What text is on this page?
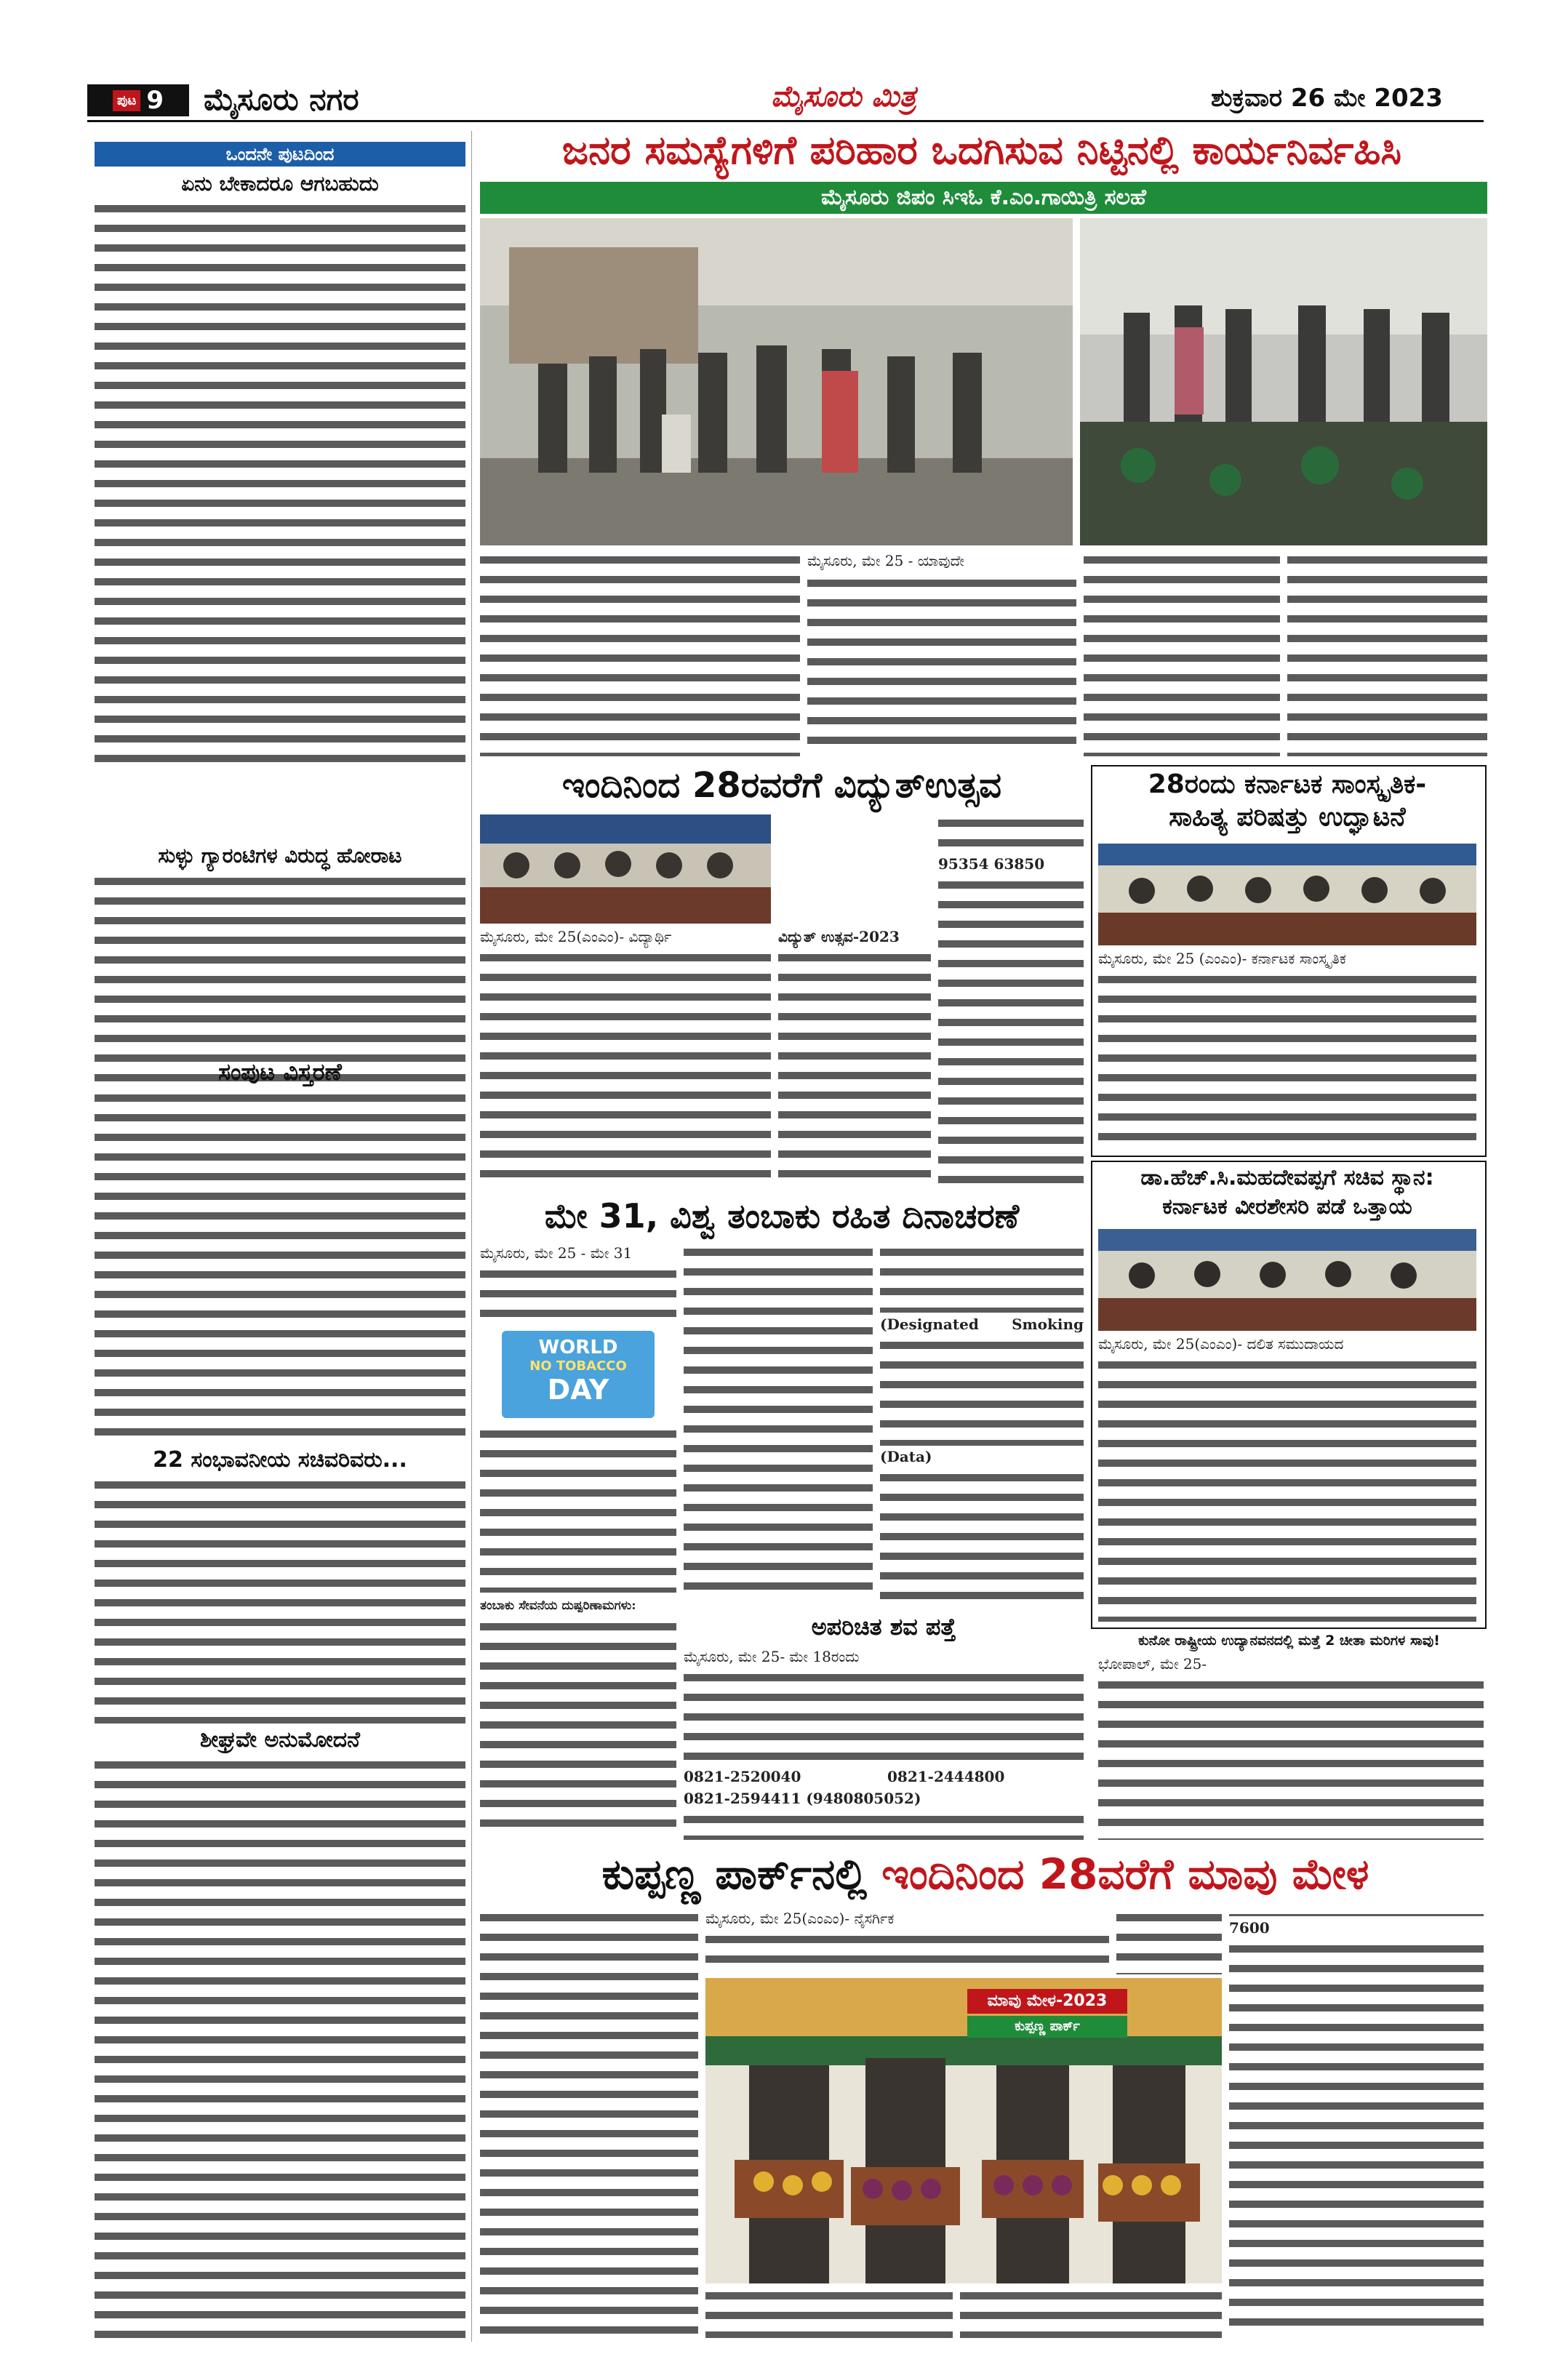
ಪುಟ 9 ಮೈಸೂರು ನಗರ	ಮೈಸೂರು ಮಿತ್ರ	ಶುಕ್ರವಾರ 26 ಮೇ 2023
ಒಂದನೇ ಪುಟದಿಂದ
ಏನು ಬೇಕಾದರೂ ಆಗಬಹುದು
ಸುಳ್ಳು ಗ್ಯಾರಂಟಿಗಳ ವಿರುದ್ಧ ಹೋರಾಟ
ಸಂಪುಟ ವಿಸ್ತರಣೆ
22 ಸಂಭಾವನೀಯ ಸಚಿವರಿವರು...
ಶೀಘ್ರವೇ ಅನುಮೋದನೆ
ಜನರ ಸಮಸ್ಯೆಗಳಿಗೆ ಪರಿಹಾರ ಒದಗಿಸುವ ನಿಟ್ಟಿನಲ್ಲಿ ಕಾರ್ಯನಿರ್ವಹಿಸಿ
ಮೈಸೂರು ಜಿಪಂ ಸಿಇಓ ಕೆ.ಎಂ.ಗಾಯಿತ್ರಿ ಸಲಹೆ
ಮೈಸೂರು, ಮೇ 25 - ಯಾವುದೇ
ಇಂದಿನಿಂದ 28ರವರೆಗೆ ವಿದ್ಯುತ್‌ಉತ್ಸವ
ಮೈಸೂರು, ಮೇ 25(ಎಂಎಂ)- ವಿದ್ಯಾರ್ಥಿ	ವಿದ್ಯುತ್‌ ಉತ್ಸವ-2023
95354 63850
28ರಂದು ಕರ್ನಾಟಕ ಸಾಂಸ್ಕೃತಿಕ-
ಸಾಹಿತ್ಯ ಪರಿಷತ್ತು ಉದ್ಘಾಟನೆ
ಮೈಸೂರು, ಮೇ 25 (ಎಂಎಂ)- ಕರ್ನಾಟಕ ಸಾಂಸ್ಕೃತಿಕ
ಮೇ 31, ವಿಶ್ವ ತಂಬಾಕು ರಹಿತ ದಿನಾಚರಣೆ
ಮೈಸೂರು, ಮೇ 25 - ಮೇ 31
WORLD
NO TOBACCO
DAY
ತಂಬಾಕು ಸೇವನೆಯ ದುಷ್ಪರಿಣಾಮಗಳು:
(Designated Smoking
(Data)
ಅಪರಿಚಿತ ಶವ ಪತ್ತೆ
ಮೈಸೂರು, ಮೇ 25- ಮೇ 18ರಂದು
0821-2520040	0821-2444800
0821-2594411 (9480805052)
ಡಾ.ಹೆಚ್.ಸಿ.ಮಹದೇವಪ್ಪಗೆ ಸಚಿವ ಸ್ಥಾನ:
ಕರ್ನಾಟಕ ವೀರಶೇಸರಿ ಪಡೆ ಒತ್ತಾಯ
ಮೈಸೂರು, ಮೇ 25(ಎಂಎಂ)- ದಲಿತ ಸಮುದಾಯದ
ಕುನೋ ರಾಷ್ಟ್ರೀಯ ಉದ್ಯಾನವನದಲ್ಲಿ ಮತ್ತೆ 2 ಚೀತಾ ಮರಿಗಳ ಸಾವು!
ಭೋಪಾಲ್, ಮೇ 25-
ಕುಪ್ಪಣ್ಣ ಪಾರ್ಕ್‌ನಲ್ಲಿ ಇಂದಿನಿಂದ 28ವರೆಗೆ ಮಾವು ಮೇಳ
ಮೈಸೂರು, ಮೇ 25(ಎಂಎಂ)- ನೈಸರ್ಗಿಕ
ಮಾವು ಮೇಳ-2023
ಕುಪ್ಪಣ್ಣ ಪಾರ್ಕ್
7600
